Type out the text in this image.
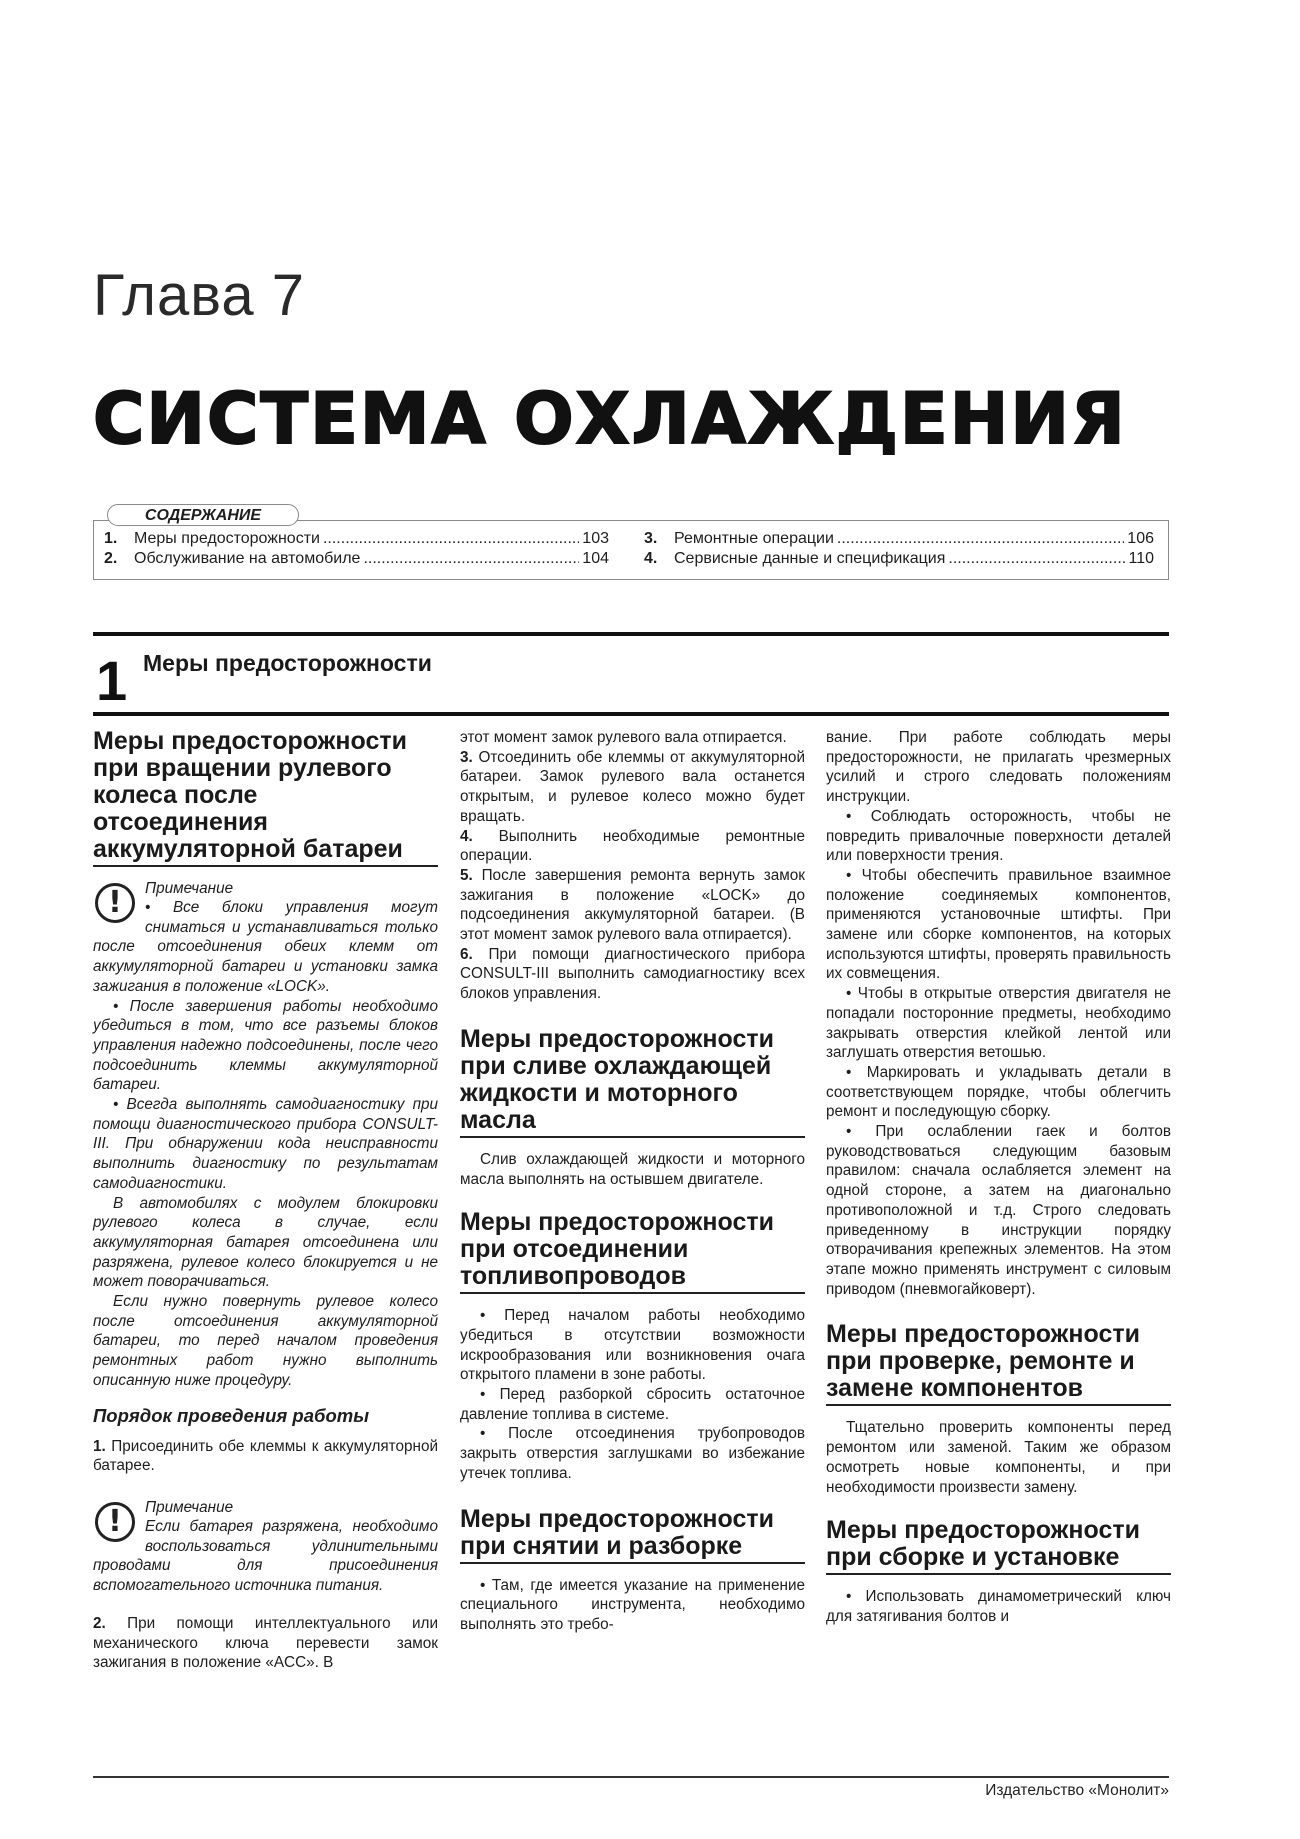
Глава 7
СИСТЕМА ОХЛАЖДЕНИЯ
1.	Меры предосторожности .....	103
2.	Обслуживание на автомобиле .....	104
3.	Ремонтные операции .....	106
4.	Сервисные данные и спецификация .....	110
СОДЕРЖАНИЕ
1 Меры предосторожности
Меры предосторожности при вращении рулевого колеса после отсоединения аккумуляторной батареи
!	Примечание

• Все блоки управления могут сниматься и устанавливаться только после отсоединения обеих клемм от аккумуляторной батареи и установки замка зажигания в положение «LOCK».

• После завершения работы необходимо убедиться в том, что все разъемы блоков управления надежно подсоединены, после чего подсоединить клеммы аккумуляторной батареи.

• Всегда выполнять самодиагностику при помощи диагностического прибора CONSULT-III. При обнаружении кода неисправности выполнить диагностику по результатам самодиагностики.

В автомобилях с модулем блокировки рулевого колеса в случае, если аккумуляторная батарея отсоединена или разряжена, рулевое колесо блокируется и не может поворачиваться.

Если нужно повернуть рулевое колесо после отсоединения аккумуляторной батареи, то перед началом проведения ремонтных работ нужно выполнить описанную ниже процедуру.

Порядок проведения работы

1. Присоединить обе клеммы к аккумуляторной батарее.

!	Примечание

Если батарея разряжена, необходимо воспользоваться удлинительными проводами для присоединения вспомогательного источника питания.

2. При помощи интеллектуального или механического ключа перевести замок зажигания в положение «ACC». В

этот момент замок рулевого вала отпирается.

3. Отсоединить обе клеммы от аккумуляторной батареи. Замок рулевого вала останется открытым, и рулевое колесо можно будет вращать.

4. Выполнить необходимые ремонтные операции.

5. После завершения ремонта вернуть замок зажигания в положение «LOCK» до подсоединения аккумуляторной батареи. (В этот момент замок рулевого вала отпирается).

6. При помощи диагностического прибора CONSULT-III выполнить самодиагностику всех блоков управления.

Меры предосторожности при сливе охлаждающей жидкости и моторного масла

Слив охлаждающей жидкости и моторного масла выполнять на остывшем двигателе.

Меры предосторожности при отсоединении топливопроводов

• Перед началом работы необходимо убедиться в отсутствии возможности искрообразования или возникновения очага открытого пламени в зоне работы.

• Перед разборкой сбросить остаточное давление топлива в системе.

• После отсоединения трубопроводов закрыть отверстия заглушками во избежание утечек топлива.

Меры предосторожности при снятии и разборке

• Там, где имеется указание на применение специального инструмента, необходимо выполнять это требо-

вание. При работе соблюдать меры предосторожности, не прилагать чрезмерных усилий и строго следовать положениям инструкции.

• Соблюдать осторожность, чтобы не повредить привалочные поверхности деталей или поверхности трения.

• Чтобы обеспечить правильное взаимное положение соединяемых компонентов, применяются установочные штифты. При замене или сборке компонентов, на которых используются штифты, проверять правильность их совмещения.

• Чтобы в открытые отверстия двигателя не попадали посторонние предметы, необходимо закрывать отверстия клейкой лентой или заглушать отверстия ветошью.

• Маркировать и укладывать детали в соответствующем порядке, чтобы облегчить ремонт и последующую сборку.

• При ослаблении гаек и болтов руководствоваться следующим базовым правилом: сначала ослабляется элемент на одной стороне, а затем на диагонально противоположной и т.д. Строго следовать приведенному в инструкции порядку отворачивания крепежных элементов. На этом этапе можно применять инструмент с силовым приводом (пневмогайковерт).

Меры предосторожности при проверке, ремонте и замене компонентов

Тщательно проверить компоненты перед ремонтом или заменой. Таким же образом осмотреть новые компоненты, и при необходимости произвести замену.

Меры предосторожности при сборке и установке

• Использовать динамометрический ключ для затягивания болтов и

Издательство «Монолит»
